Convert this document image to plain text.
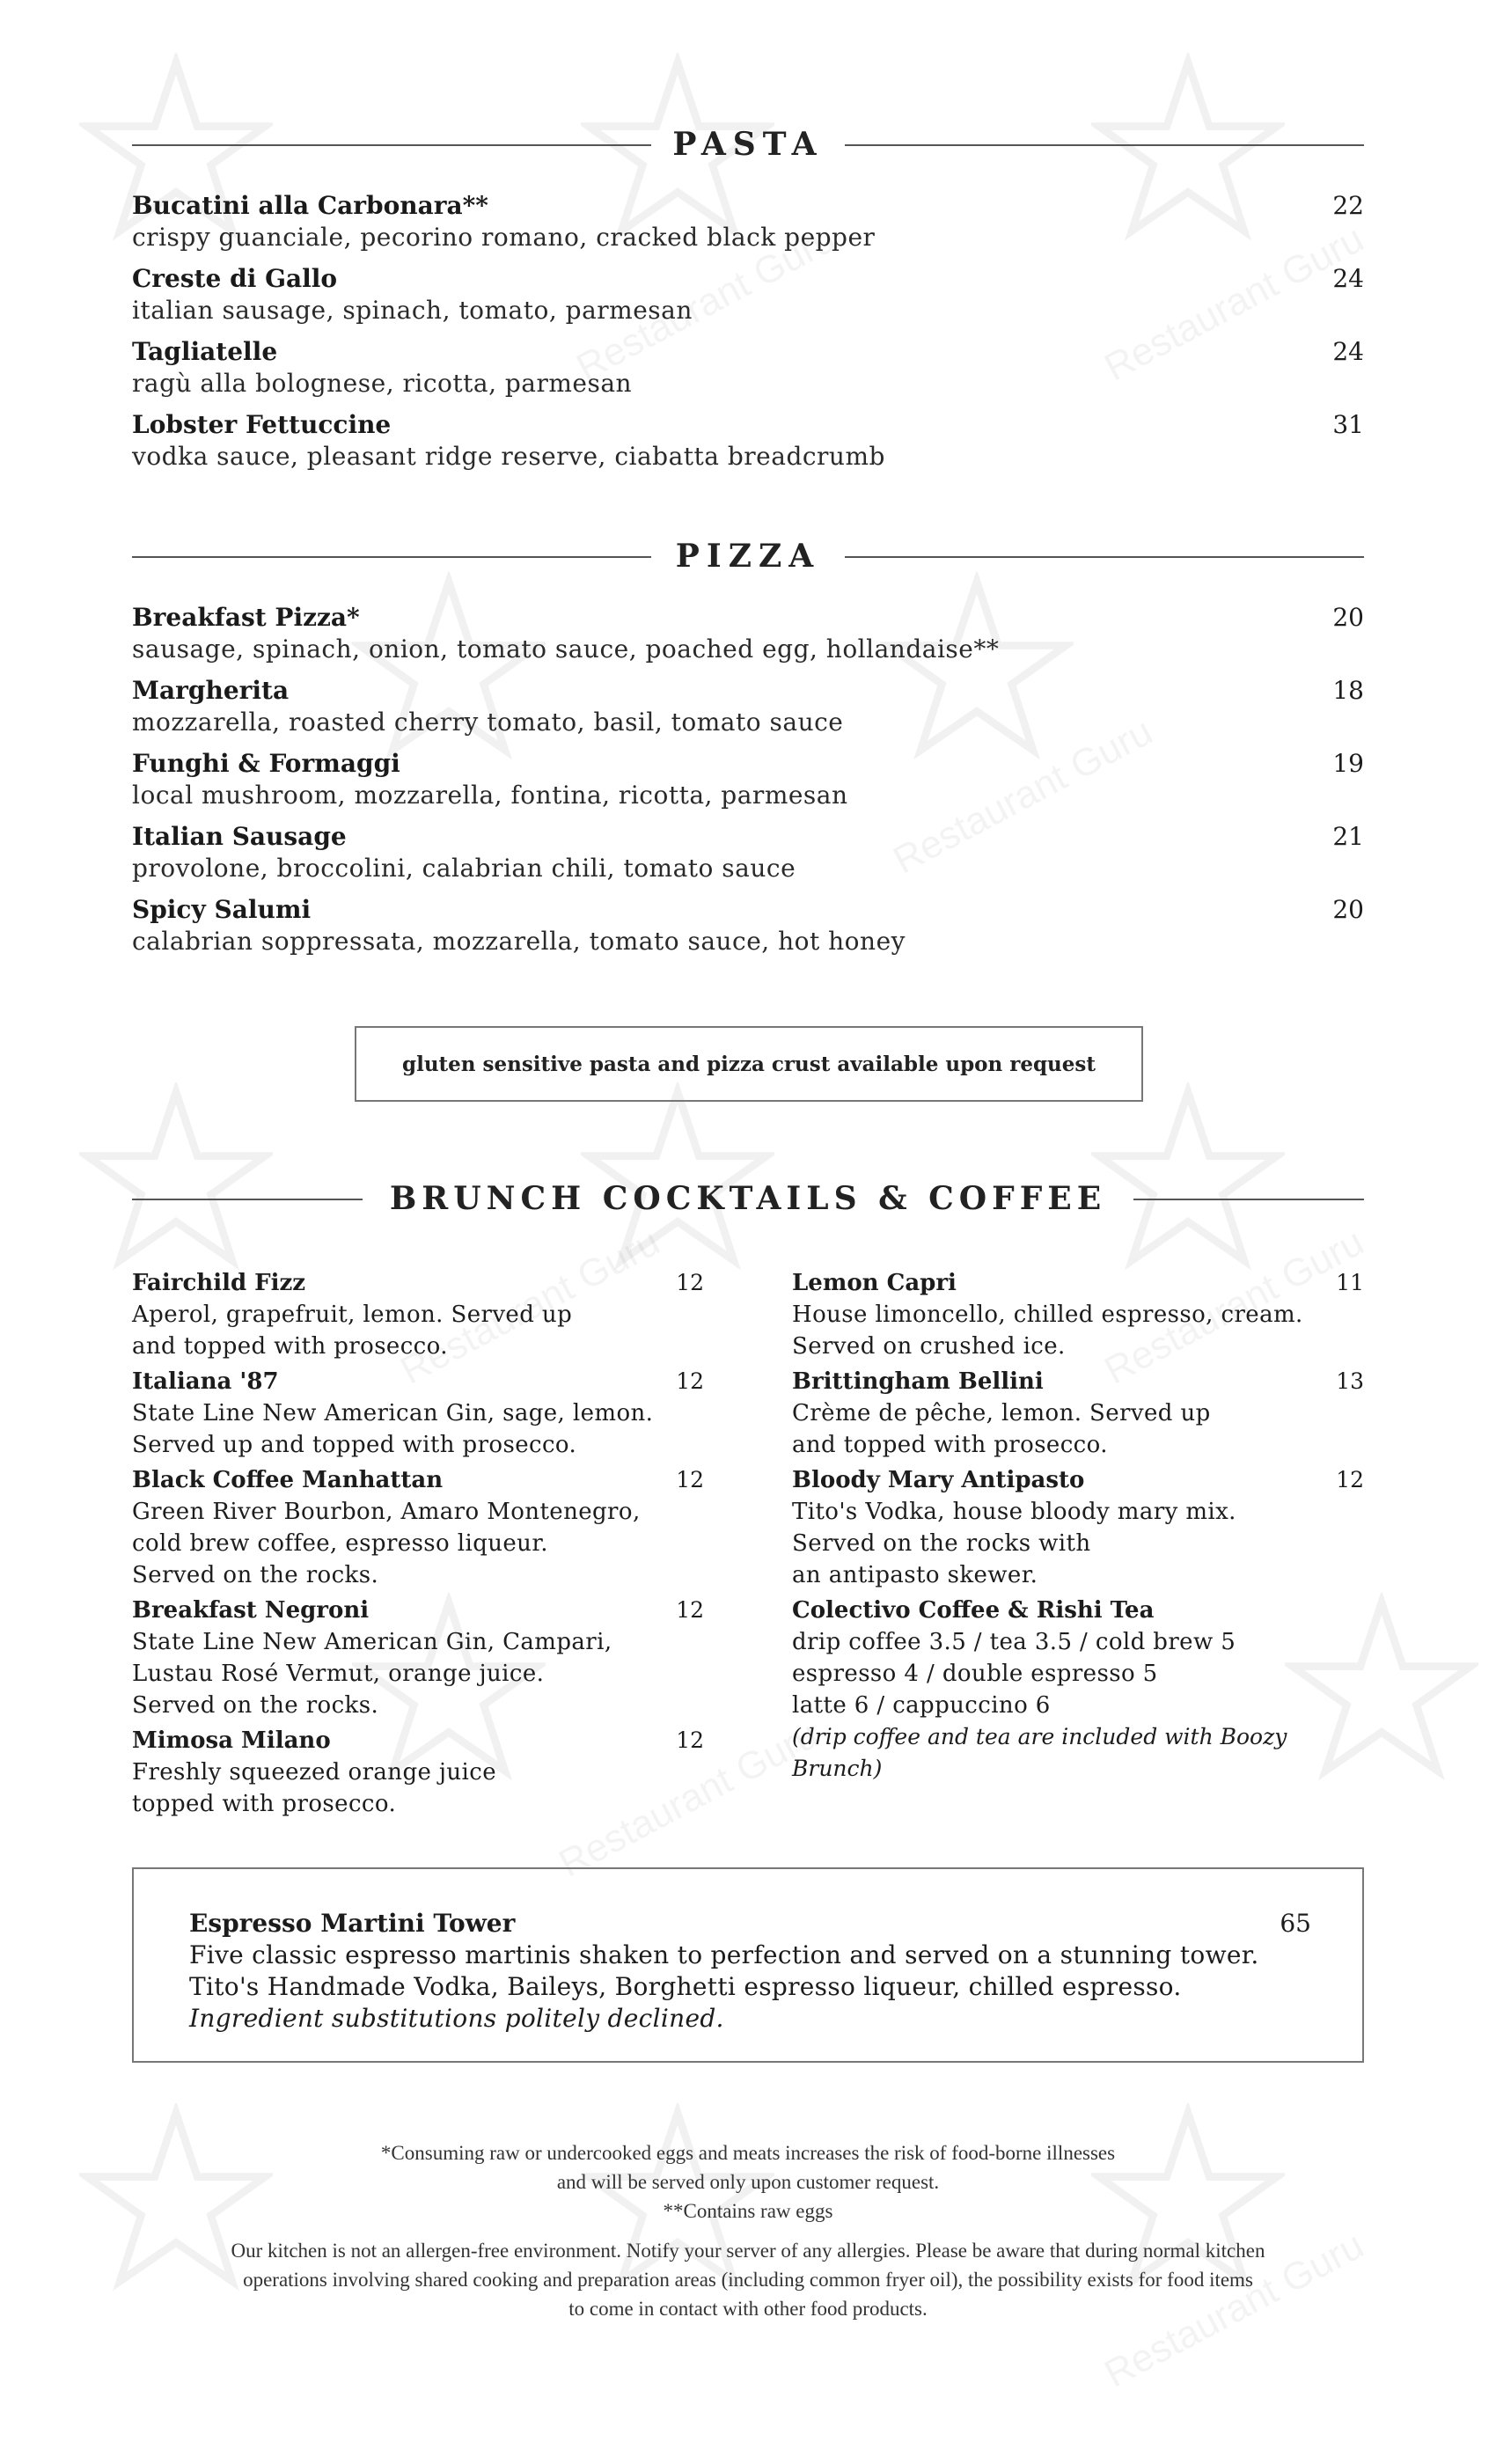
PASTA
Bucatini alla Carbonara**
crispy guanciale, pecorino romano, cracked black pepper
22
Creste di Gallo
italian sausage, spinach, tomato, parmesan
24
Tagliatelle
ragù alla bolognese, ricotta, parmesan
24
Lobster Fettuccine
vodka sauce, pleasant ridge reserve, ciabatta breadcrumb
31
PIZZA
Breakfast Pizza*
sausage, spinach, onion, tomato sauce, poached egg, hollandaise**
20
Margherita
mozzarella, roasted cherry tomato, basil, tomato sauce
18
Funghi & Formaggi
local mushroom, mozzarella, fontina, ricotta, parmesan
19
Italian Sausage
provolone, broccolini, calabrian chili, tomato sauce
21
Spicy Salumi
calabrian soppressata, mozzarella, tomato sauce, hot honey
20
gluten sensitive pasta and pizza crust available upon request
BRUNCH COCKTAILS & COFFEE
Fairchild Fizz	12
Aperol, grapefruit, lemon. Served up
and topped with prosecco.
Italiana '87	12
State Line New American Gin, sage, lemon.
Served up and topped with prosecco.
Black Coffee Manhattan	12
Green River Bourbon, Amaro Montenegro,
cold brew coffee, espresso liqueur.
Served on the rocks.
Breakfast Negroni	12
State Line New American Gin, Campari,
Lustau Rosé Vermut, orange juice.
Served on the rocks.
Mimosa Milano	12
Freshly squeezed orange juice
topped with prosecco.
Lemon Capri	11
House limoncello, chilled espresso, cream.
Served on crushed ice.
Brittingham Bellini	13
Crème de pêche, lemon. Served up
and topped with prosecco.
Bloody Mary Antipasto	12
Tito's Vodka, house bloody mary mix.
Served on the rocks with
an antipasto skewer.
Colectivo Coffee & Rishi Tea
drip coffee 3.5 / tea 3.5 / cold brew 5
espresso 4 / double espresso 5
latte 6 / cappuccino 6
(drip coffee and tea are included with Boozy Brunch)
Espresso Martini Tower	65
Five classic espresso martinis shaken to perfection and served on a stunning tower.
Tito's Handmade Vodka, Baileys, Borghetti espresso liqueur, chilled espresso.
Ingredient substitutions politely declined.
*Consuming raw or undercooked eggs and meats increases the risk of food-borne illnesses
and will be served only upon customer request.
**Contains raw eggs
Our kitchen is not an allergen-free environment. Notify your server of any allergies. Please be aware that during normal kitchen
operations involving shared cooking and preparation areas (including common fryer oil), the possibility exists for food items
to come in contact with other food products.
